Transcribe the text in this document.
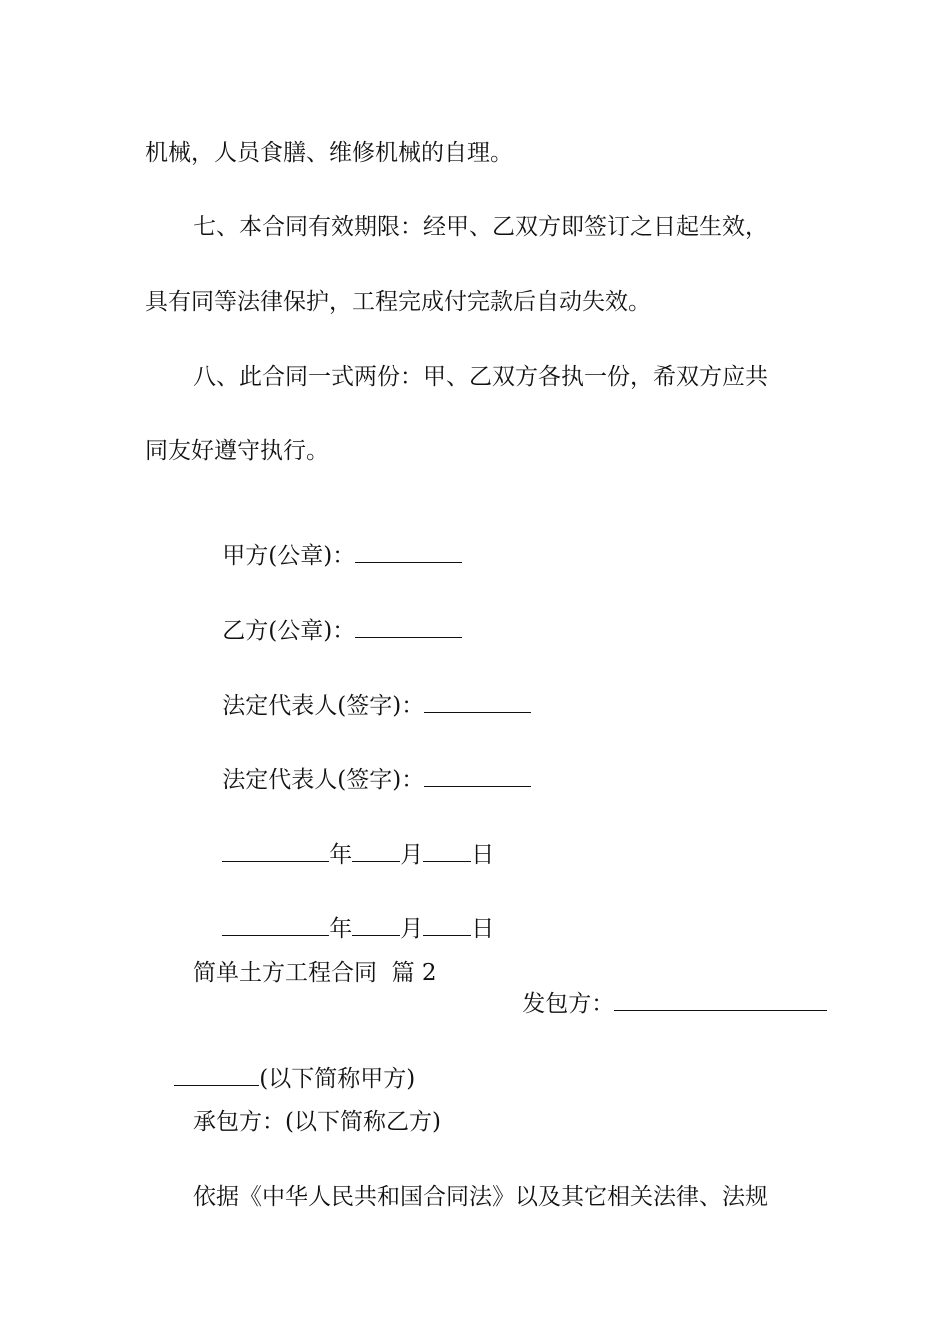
机械，人员食膳、维修机械的自理。
七、本合同有效期限：经甲、乙双方即签订之日起生效，
具有同等法律保护，工程完成付完款后自动失效。
八、此合同一式两份：甲、乙双方各执一份，希双方应共
同友好遵守执行。

甲方(公章)：

乙方(公章)：

法定代表人(签字)：

法定代表人(签字)：

年 月 日

年 月 日

简单土方工程合同  篇 2

发包方：

(以下简称甲方)

承包方：(以下简称乙方)
依据《中华人民共和国合同法》以及其它相关法律、法规
